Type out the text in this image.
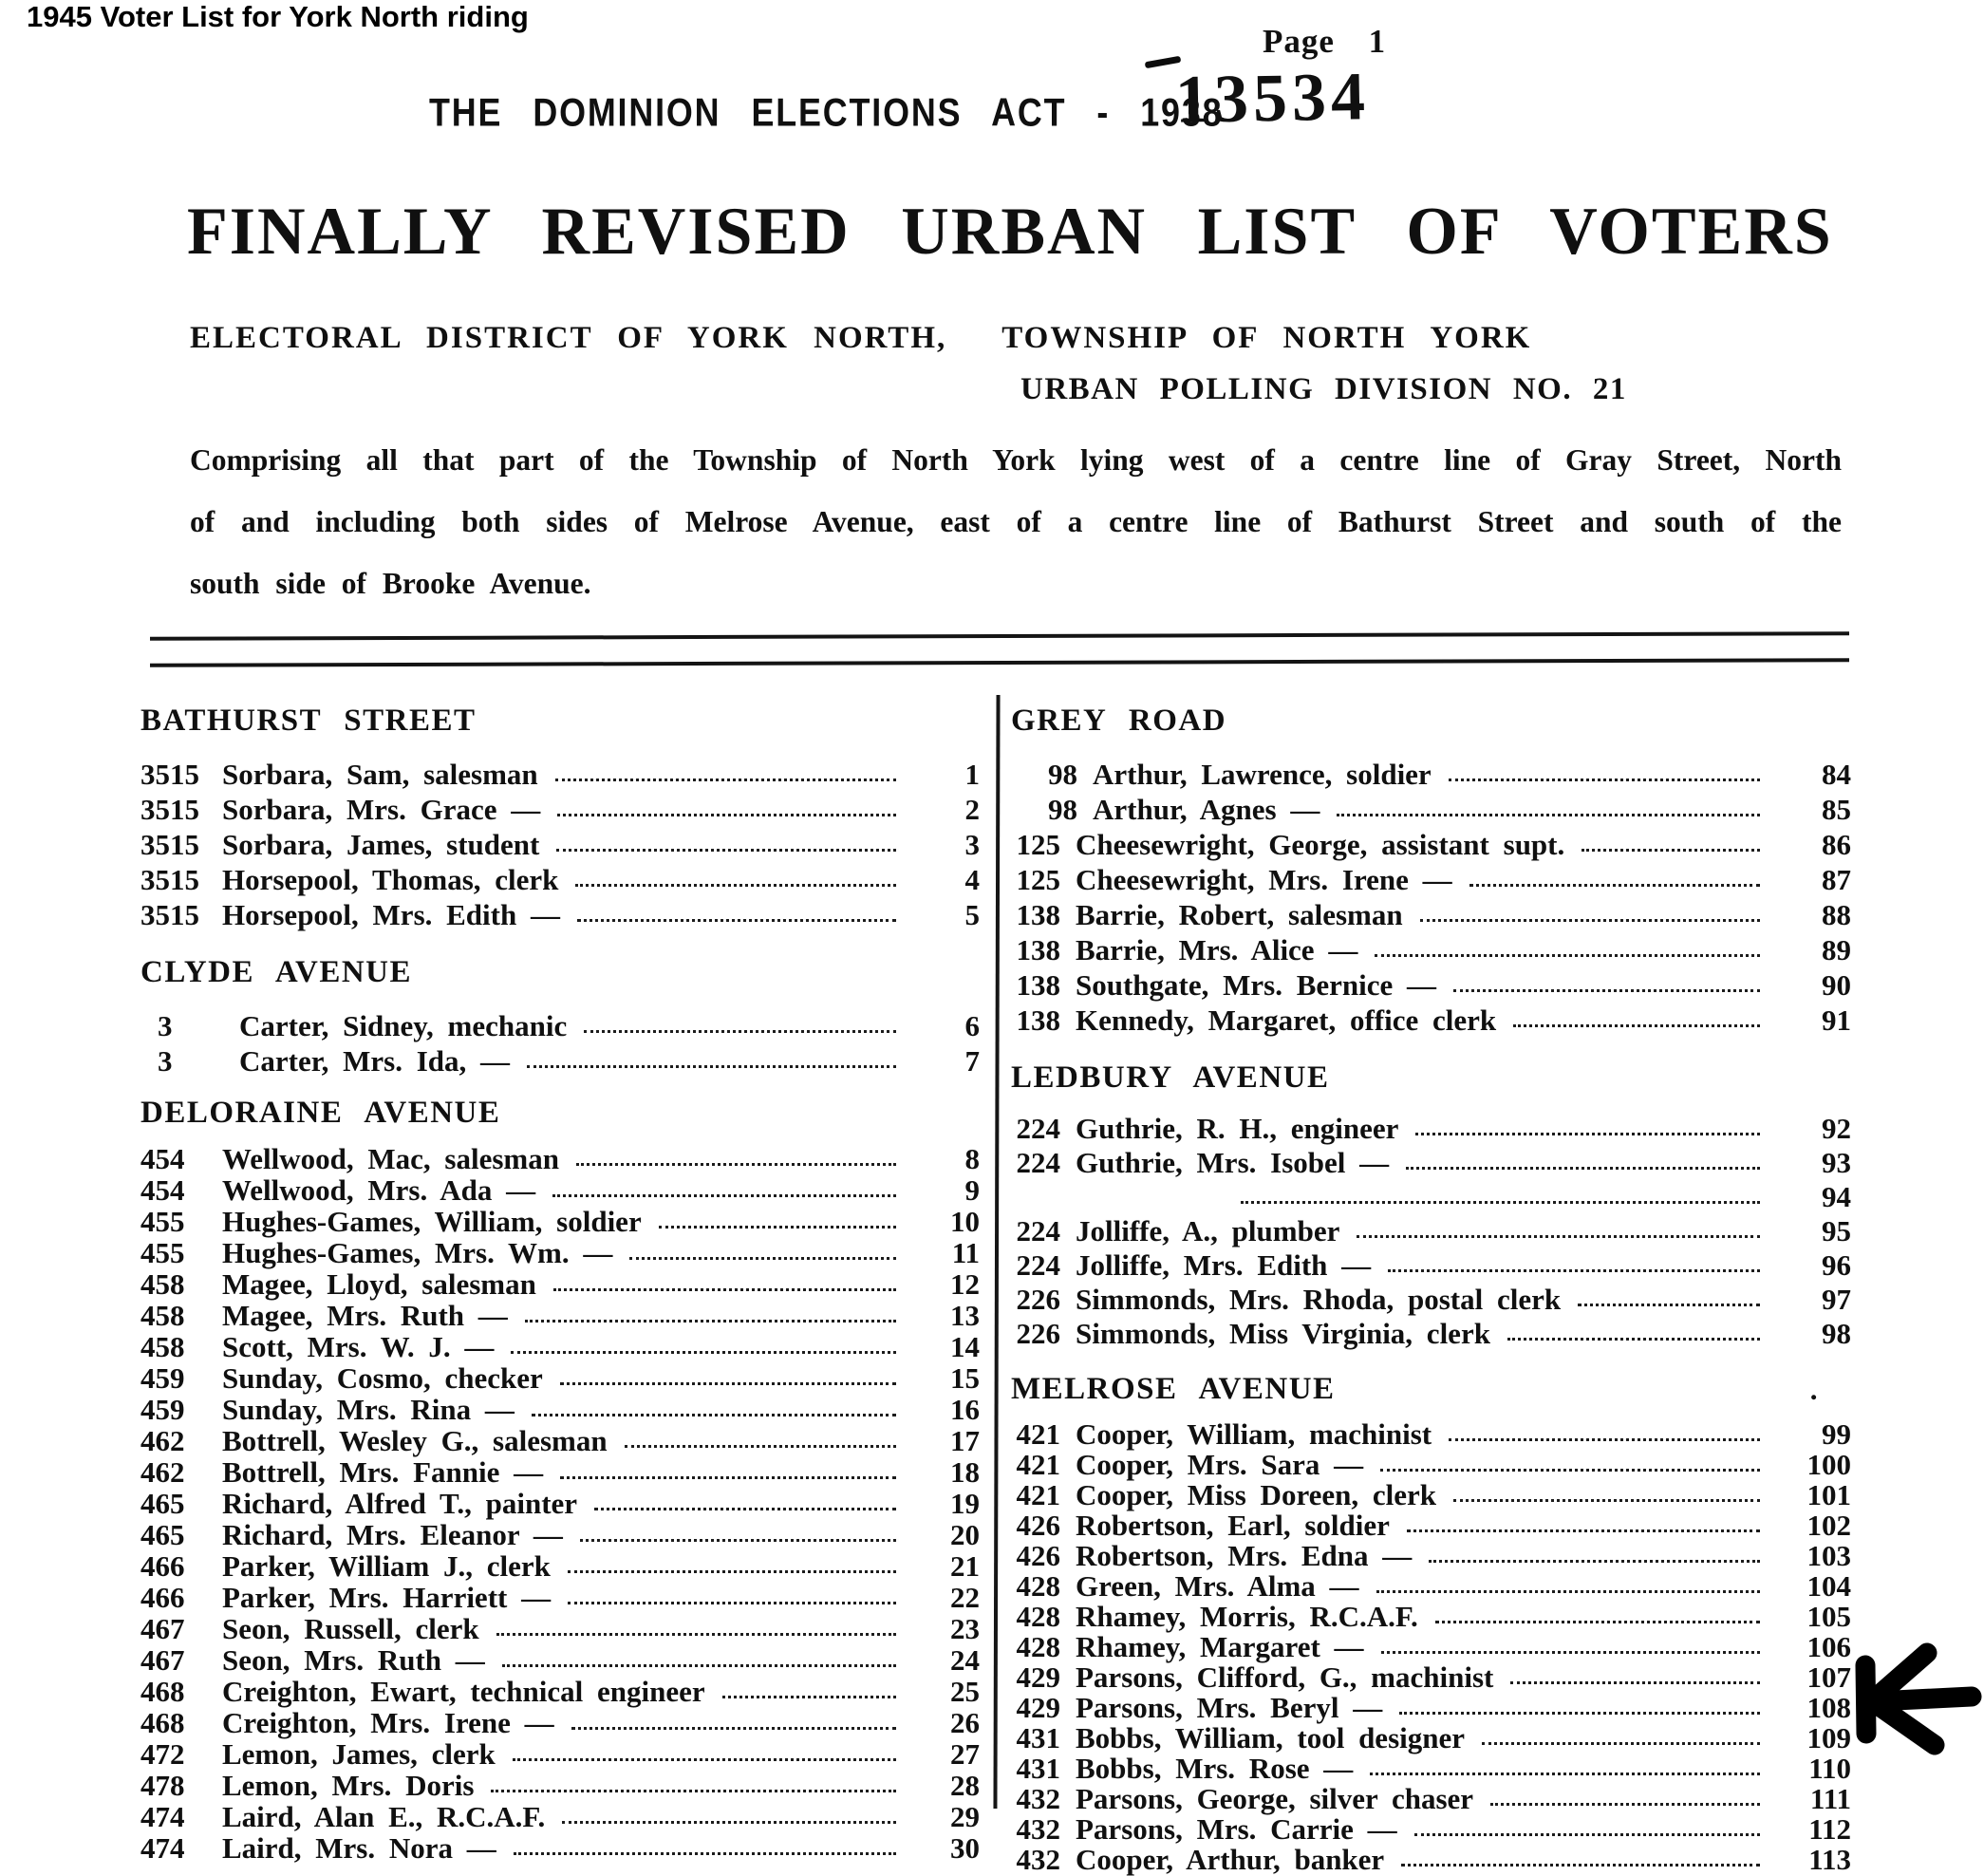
1945 Voter List for York North riding
Page 1
THE DOMINION ELECTIONS ACT - 1938
13534
FINALLY REVISED URBAN LIST OF VOTERS
ELECTORAL DISTRICT OF YORK NORTH, TOWNSHIP OF NORTH YORK
URBAN POLLING DIVISION NO. 21
Comprising all that part of the Township of North York lying west of a centre line of Gray Street, North
of and including both sides of Melrose Avenue, east of a centre line of Bathurst Street and south of the
south side of Brooke Avenue.
BATHURST STREET
3515 Sorbara, Sam, salesman	1
3515 Sorbara, Mrs. Grace —	2
3515 Sorbara, James, student	3
3515 Horsepool, Thomas, clerk	4
3515 Horsepool, Mrs. Edith —	5
CLYDE AVENUE
3	Carter, Sidney, mechanic	6
3	Carter, Mrs. Ida, —	7
DELORAINE AVENUE
454	Wellwood, Mac, salesman	8
454	Wellwood, Mrs. Ada —	9
455	Hughes-Games, William, soldier	10
455	Hughes-Games, Mrs. Wm. —	11
458	Magee, Lloyd, salesman	12
458	Magee, Mrs. Ruth —	13
458	Scott, Mrs. W. J. —	14
459	Sunday, Cosmo, checker	15
459	Sunday, Mrs. Rina —	16
462	Bottrell, Wesley G., salesman	17
462	Bottrell, Mrs. Fannie —	18
465	Richard, Alfred T., painter	19
465	Richard, Mrs. Eleanor —	20
466	Parker, William J., clerk	21
466	Parker, Mrs. Harriett —	22
467	Seon, Russell, clerk	23
467	Seon, Mrs. Ruth —	24
468	Creighton, Ewart, technical engineer	25
468	Creighton, Mrs. Irene —	26
472	Lemon, James, clerk	27
478	Lemon, Mrs. Doris	28
474	Laird, Alan E., R.C.A.F.	29
474	Laird, Mrs. Nora —	30
GREY ROAD
98 Arthur, Lawrence, soldier	84
98 Arthur, Agnes —	85
125 Cheesewright, George, assistant supt.	86
125 Cheesewright, Mrs. Irene —	87
138 Barrie, Robert, salesman	88
138 Barrie, Mrs. Alice —	89
138 Southgate, Mrs. Bernice —	90
138 Kennedy, Margaret, office clerk	91
LEDBURY AVENUE
224 Guthrie, R. H., engineer	92
224 Guthrie, Mrs. Isobel —	93
94
224 Jolliffe, A., plumber	95
224 Jolliffe, Mrs. Edith —	96
226 Simmonds, Mrs. Rhoda, postal clerk	97
226 Simmonds, Miss Virginia, clerk	98
MELROSE AVENUE	.
421 Cooper, William, machinist	99
421 Cooper, Mrs. Sara —	100
421 Cooper, Miss Doreen, clerk	101
426 Robertson, Earl, soldier	102
426 Robertson, Mrs. Edna —	103
428 Green, Mrs. Alma —	104
428 Rhamey, Morris, R.C.A.F.	105
428 Rhamey, Margaret —	106
429 Parsons, Clifford, G., machinist	107
429 Parsons, Mrs. Beryl —	108
431 Bobbs, William, tool designer	109
431 Bobbs, Mrs. Rose —	110
432 Parsons, George, silver chaser	111
432 Parsons, Mrs. Carrie —	112
432 Cooper, Arthur, banker	113
